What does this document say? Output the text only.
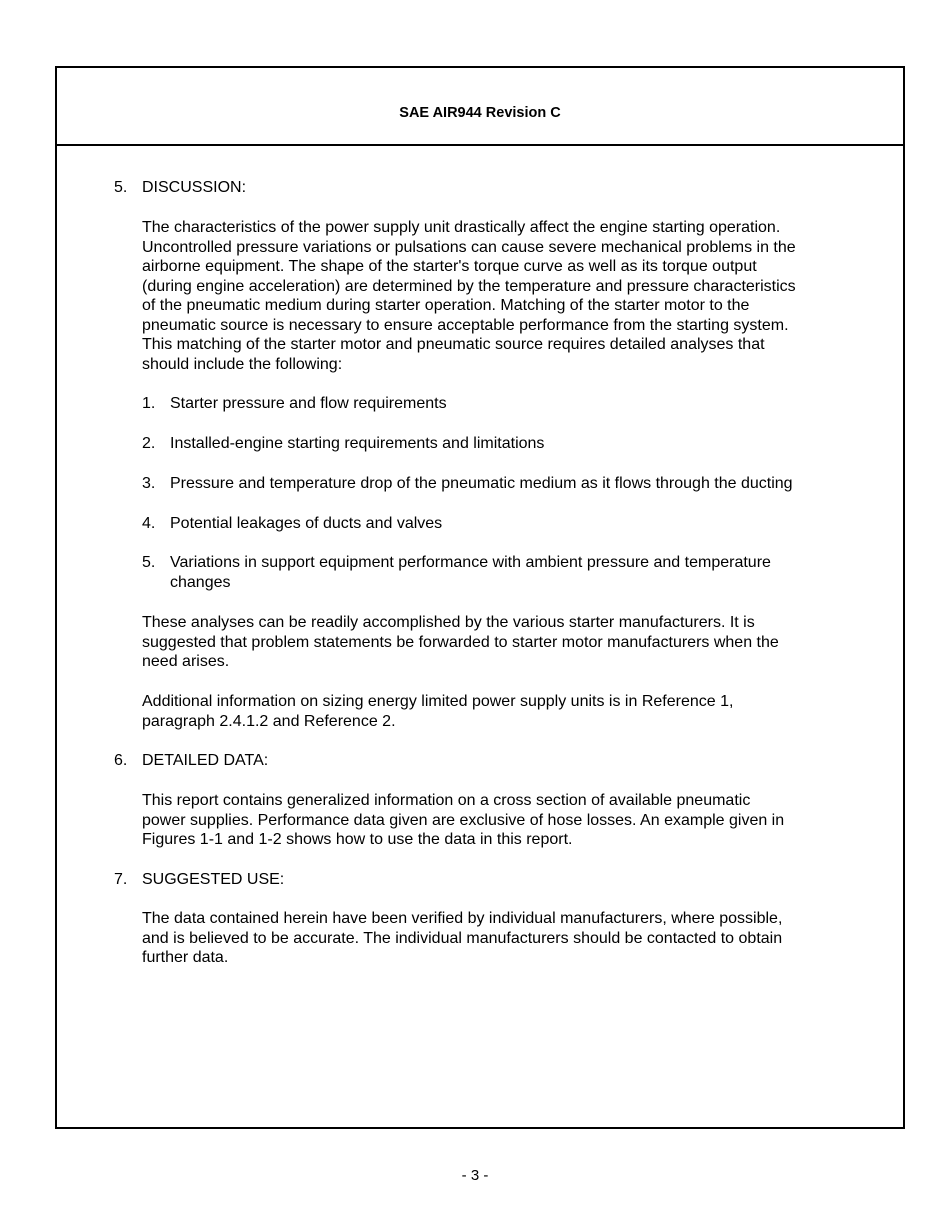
SAE AIR944 Revision C
5. DISCUSSION:
The characteristics of the power supply unit drastically affect the engine starting operation.
Uncontrolled pressure variations or pulsations can cause severe mechanical problems in the
airborne equipment. The shape of the starter's torque curve as well as its torque output
(during engine acceleration) are determined by the temperature and pressure characteristics
of the pneumatic medium during starter operation. Matching of the starter motor to the
pneumatic source is necessary to ensure acceptable performance from the starting system.
This matching of the starter motor and pneumatic source requires detailed analyses that
should include the following:
1. Starter pressure and flow requirements
2. Installed-engine starting requirements and limitations
3. Pressure and temperature drop of the pneumatic medium as it flows through the ducting
4. Potential leakages of ducts and valves
5. Variations in support equipment performance with ambient pressure and temperature
changes
These analyses can be readily accomplished by the various starter manufacturers. It is
suggested that problem statements be forwarded to starter motor manufacturers when the
need arises.
Additional information on sizing energy limited power supply units is in Reference 1,
paragraph 2.4.1.2 and Reference 2.
6. DETAILED DATA:
This report contains generalized information on a cross section of available pneumatic
power supplies. Performance data given are exclusive of hose losses. An example given in
Figures 1-1 and 1-2 shows how to use the data in this report.
7. SUGGESTED USE:
The data contained herein have been verified by individual manufacturers, where possible,
and is believed to be accurate. The individual manufacturers should be contacted to obtain
further data.
- 3 -
